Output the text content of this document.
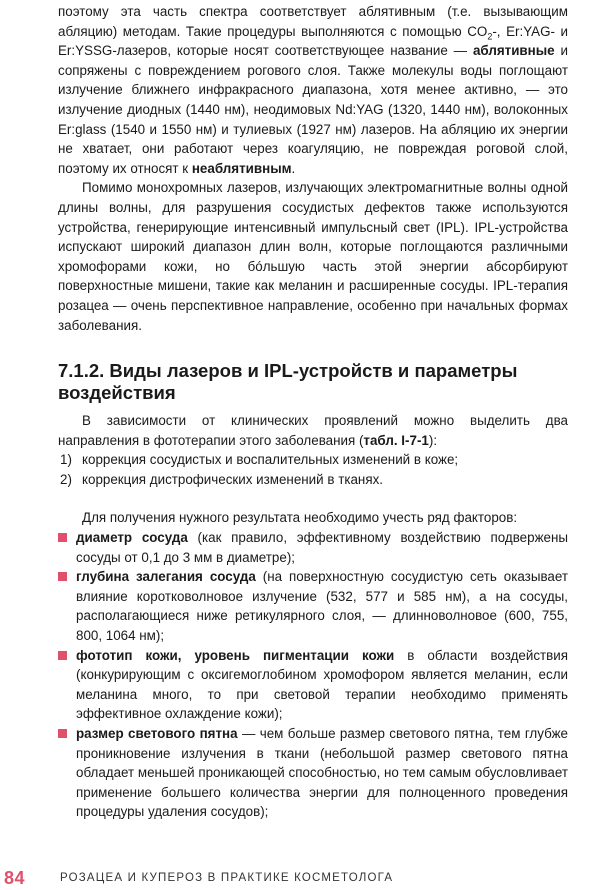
поэтому эта часть спектра соответствует аблятивным (т.е. вызывающим абляцию) методам. Такие процедуры выполняются с помощью $CO_2-$, Er:YAG- и Er:YSSG-лазеров, которые носят соответствующее название — аблятивные и сопряжены с повреждением рогового слоя. Также молекулы воды поглощают излучение ближнего инфракрасного диапазона, хотя менее активно, — это излучение диодных (1440 нм), неодимовых Nd:YAG (1320, 1440 нм), волоконных Er:glass (1540 и 1550 нм) и тулиевых (1927 нм) лазеров. На абляцию их энергии не хватает, они работают через коагуляцию, не повреждая роговой слой, поэтому их относят к неаблятивным.

Помимо монохромных лазеров, излучающих электромагнитные волны одной длины волны, для разрушения сосудистых дефектов также используются устройства, генерирующие интенсивный импульсный свет (IPL). IPL-устройства испускают широкий диапазон длин волн, которые поглощаются различными хромофорами кожи, но бóльшую часть этой энергии абсорбируют поверхностные мишени, такие как меланин и расширенные сосуды. IPL-терапия розацеа — очень перспективное направление, особенно при начальных формах заболевания.

7.1.2. Виды лазеров и IPL-устройств и параметры воздействия

В зависимости от клинических проявлений можно выделить два направления в фототерапии этого заболевания (табл. I-7-1):

1) коррекция сосудистых и воспалительных изменений в коже;
2) коррекция дистрофических изменений в тканях.

Для получения нужного результата необходимо учесть ряд факторов:

диаметр сосуда (как правило, эффективному воздействию подвержены сосуды от 0,1 до 3 мм в диаметре);
глубина залегания сосуда (на поверхностную сосудистую сеть оказывает влияние коротковолновое излучение (532, 577 и 585 нм), а на сосуды, располагающиеся ниже ретикулярного слоя, — длинноволновое (600, 755, 800, 1064 нм);
фототип кожи, уровень пигментации кожи в области воздействия (конкурирующим с оксигемоглобином хромофором является меланин, если меланина много, то при световой терапии необходимо применять эффективное охлаждение кожи);
размер светового пятна — чем больше размер светового пятна, тем глубже проникновение излучения в ткани (небольшой размер светового пятна обладает меньшей проникающей способностью, но тем самым обусловливает применение большего количества энергии для полноценного проведения процедуры удаления сосудов);
84	РОЗАЦЕА И КУПЕРОЗ В ПРАКТИКЕ КОСМЕТОЛОГА
